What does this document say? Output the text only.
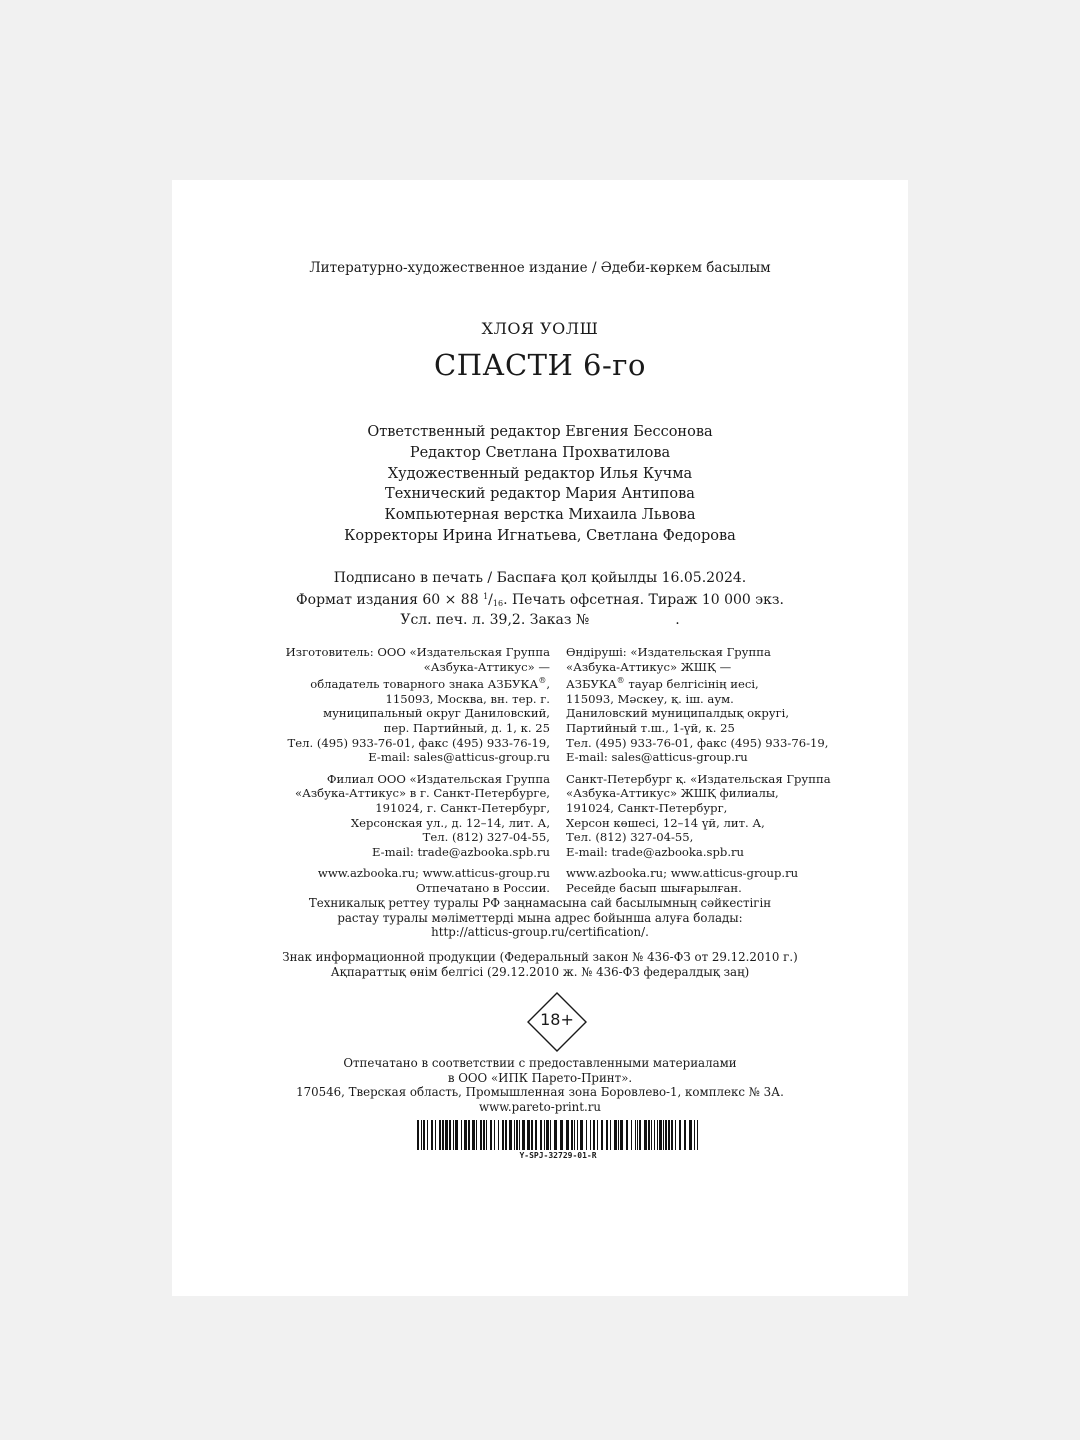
Литературно-художественное издание / Әдеби-көркем басылым
ХЛОЯ УОЛШ
СПАСТИ 6-го
Ответственный редактор Евгения Бессонова
Редактор Светлана Прохватилова
Художественный редактор Илья Кучма
Технический редактор Мария Антипова
Компьютерная верстка Михаила Львова
Корректоры Ирина Игнатьева, Светлана Федорова
Подписано в печать / Баспаға қол қойылды 16.05.2024.
Формат издания 60 × 88 $^1/_{16}$. Печать офсетная. Тираж 10 000 экз.
Усл. печ. л. 39,2. Заказ №	.

Изготовитель: ООО «Издательская Группа

«Азбука-Аттикус» —

обладатель товарного знака АЗБУКА®,

115093, Москва, вн. тер. г.

муниципальный округ Даниловский,

пер. Партийный, д. 1, к. 25

Тел. (495) 933-76-01, факс (495) 933-76-19,

E-mail: sales@atticus-group.ru

Филиал ООО «Издательская Группа

«Азбука-Аттикус» в г. Санкт-Петербурге,

191024, г. Санкт-Петербург,

Херсонская ул., д. 12–14, лит. А,

Тел. (812) 327-04-55,

E-mail: trade@azbooka.spb.ru

www.azbooka.ru; www.atticus-group.ru

Отпечатано в России.

Өндіруші: «Издательская Группа

«Азбука-Аттикус» ЖШҚ —

АЗБУКА® тауар белгісінің иесі,

115093, Мәскеу, қ. іш. аум.

Даниловский муниципалдық округі,

Партийный т.ш., 1-үй, к. 25

Тел. (495) 933-76-01, факс (495) 933-76-19,

E-mail: sales@atticus-group.ru

Санкт-Петербург қ. «Издательская Группа

«Азбука-Аттикус» ЖШҚ филиалы,

191024, Санкт-Петербург,

Херсон көшесі, 12–14 үй, лит. А,

Тел. (812) 327-04-55,

E-mail: trade@azbooka.spb.ru

www.azbooka.ru; www.atticus-group.ru

Ресейде басып шығарылған.

Техникалық реттеу туралы РФ заңнамасына сай басылымның сәйкестігін
растау туралы мәліметтерді мына адрес бойынша алуға болады:
http://atticus-group.ru/certification/.
Знак информационной продукции (Федеральный закон № 436-ФЗ от 29.12.2010 г.)
Ақпараттық өнім белгісі (29.12.2010 ж. № 436-ФЗ федералдық заң)
18+
Отпечатано в соответствии с предоставленными материалами
в ООО «ИПК Парето-Принт».
170546, Тверская область, Промышленная зона Боровлево-1, комплекс № 3А.
www.pareto-print.ru
Y-SPJ-32729-01-R
